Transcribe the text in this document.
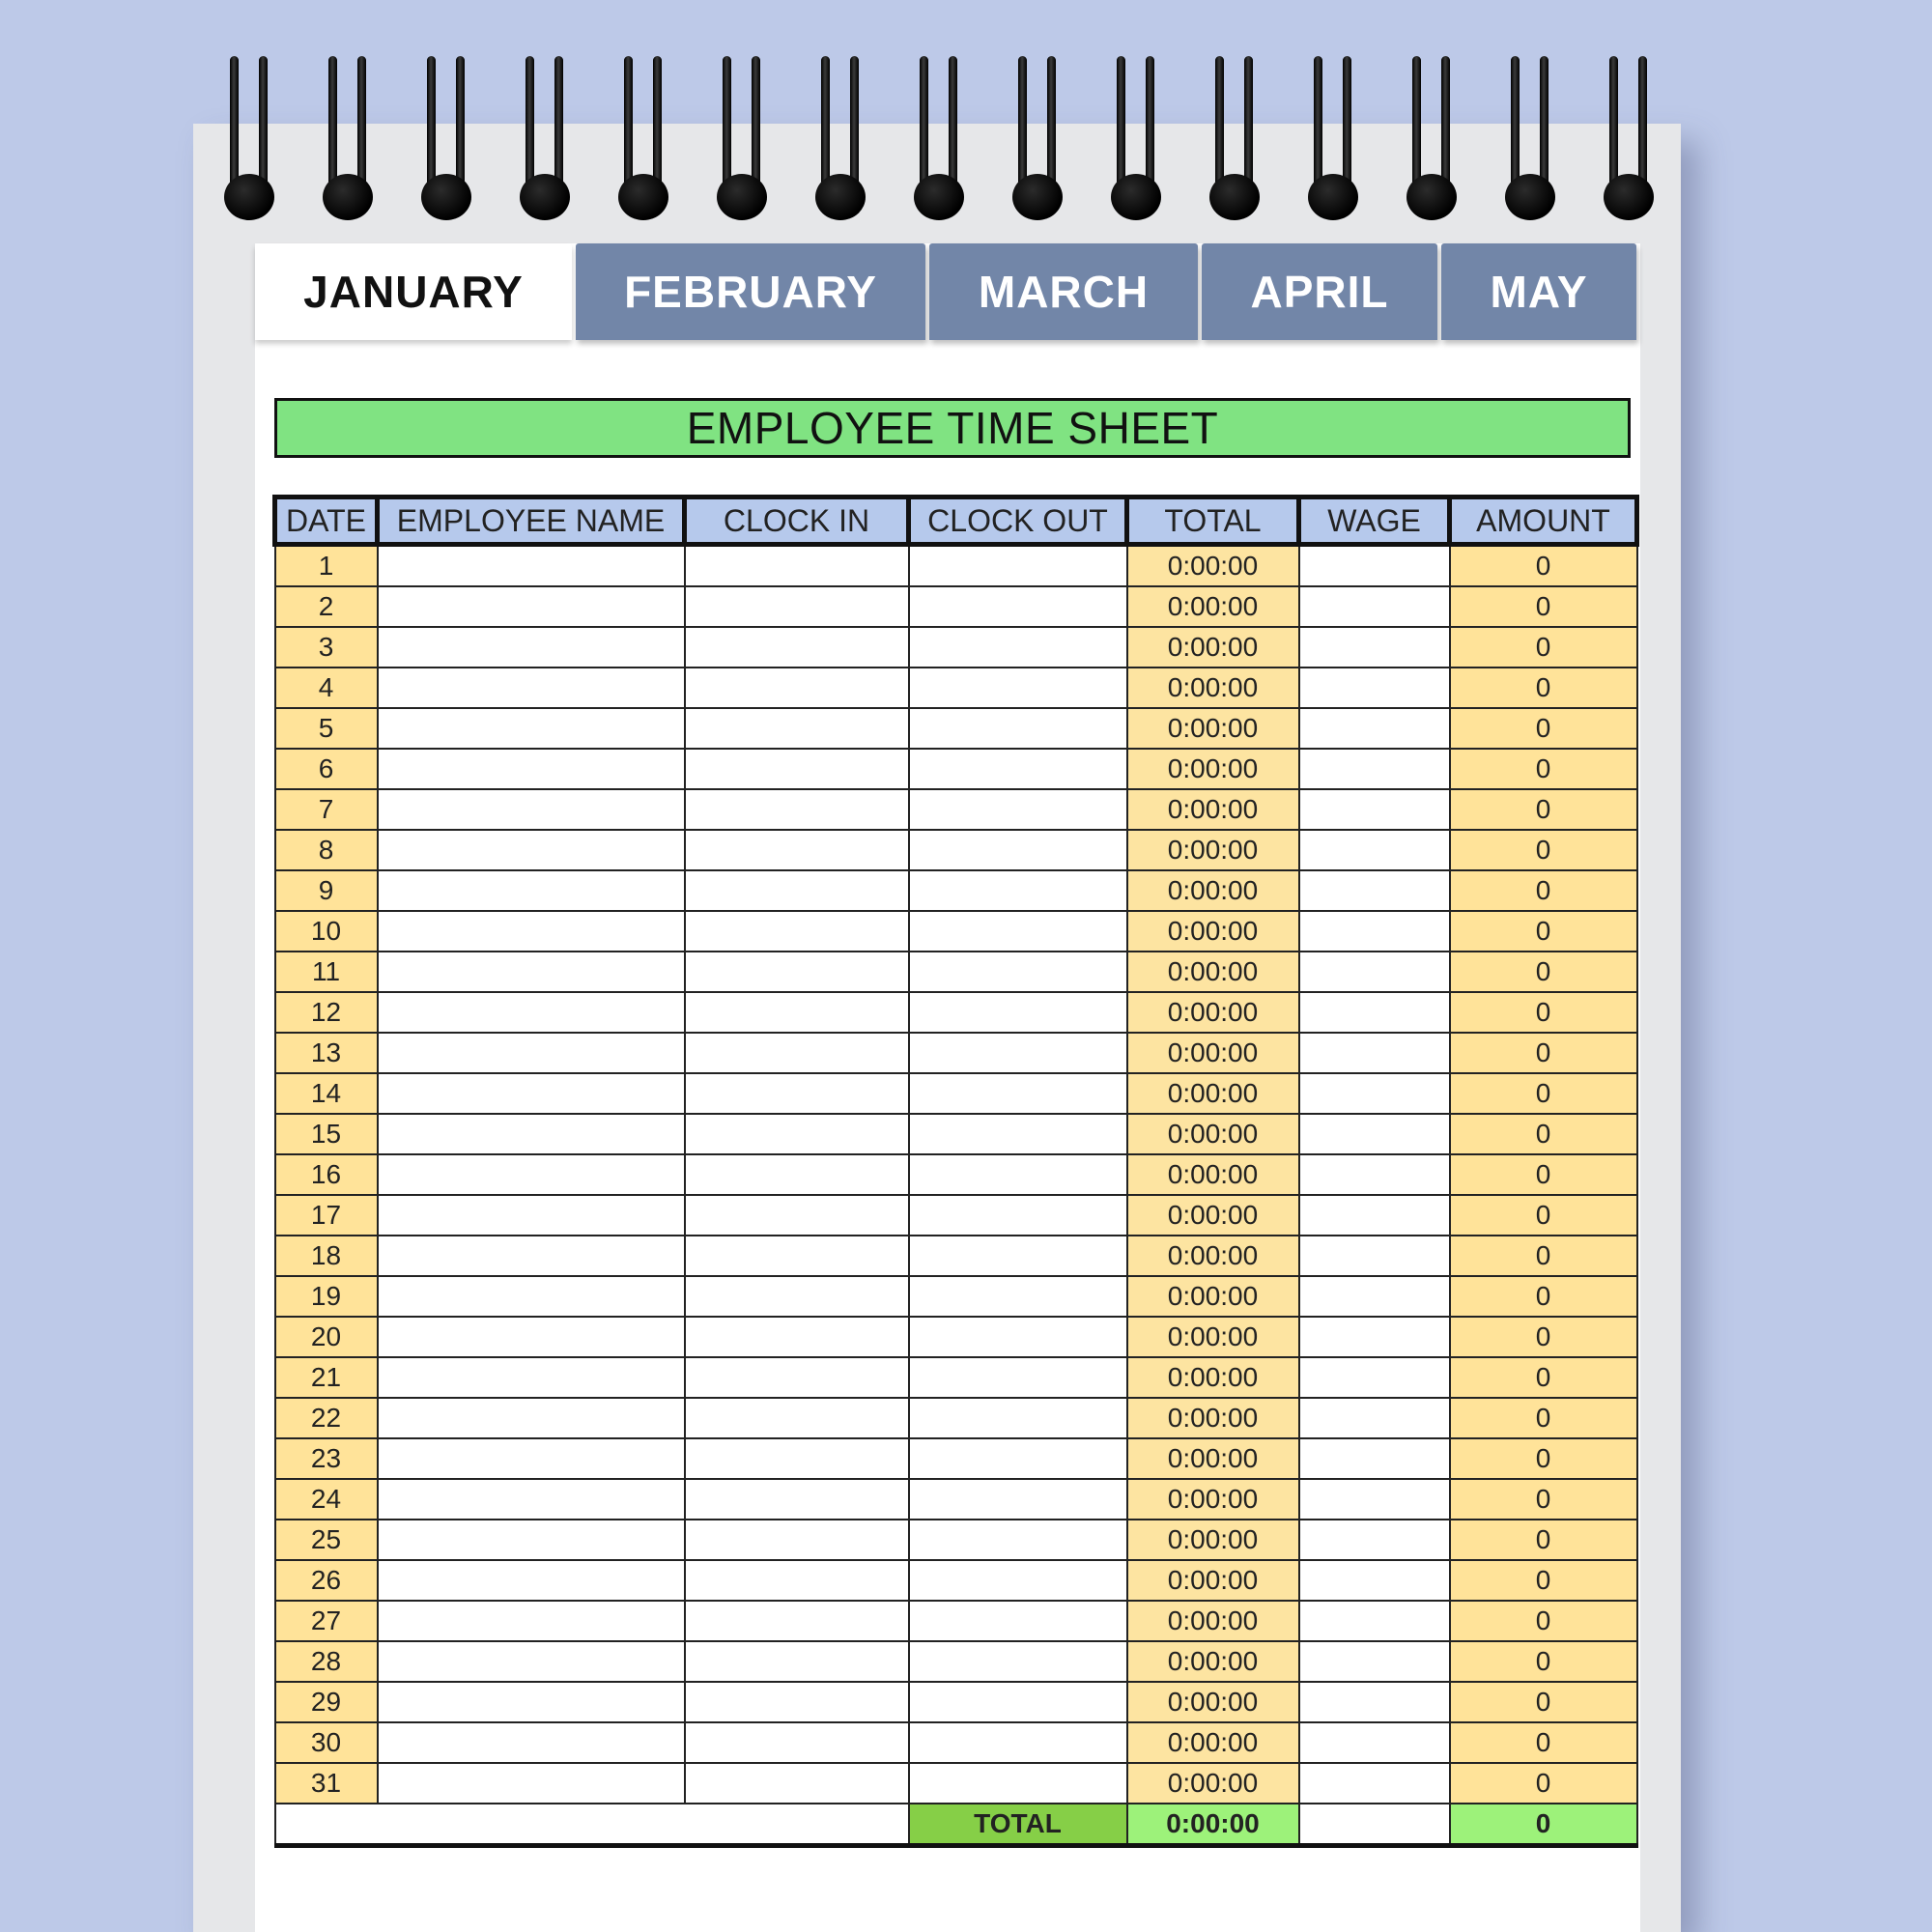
JANUARY	FEBRUARY	MARCH	APRIL	MAY
EMPLOYEE TIME SHEET
DATE	EMPLOYEE NAME	CLOCK IN	CLOCK OUT	TOTAL	WAGE	AMOUNT
1				0:00:00		0
2				0:00:00		0
3				0:00:00		0
4				0:00:00		0
5				0:00:00		0
6				0:00:00		0
7				0:00:00		0
8				0:00:00		0
9				0:00:00		0
10				0:00:00		0
11				0:00:00		0
12				0:00:00		0
13				0:00:00		0
14				0:00:00		0
15				0:00:00		0
16				0:00:00		0
17				0:00:00		0
18				0:00:00		0
19				0:00:00		0
20				0:00:00		0
21				0:00:00		0
22				0:00:00		0
23				0:00:00		0
24				0:00:00		0
25				0:00:00		0
26				0:00:00		0
27				0:00:00		0
28				0:00:00		0
29				0:00:00		0
30				0:00:00		0
31				0:00:00		0
			TOTAL	0:00:00		0
